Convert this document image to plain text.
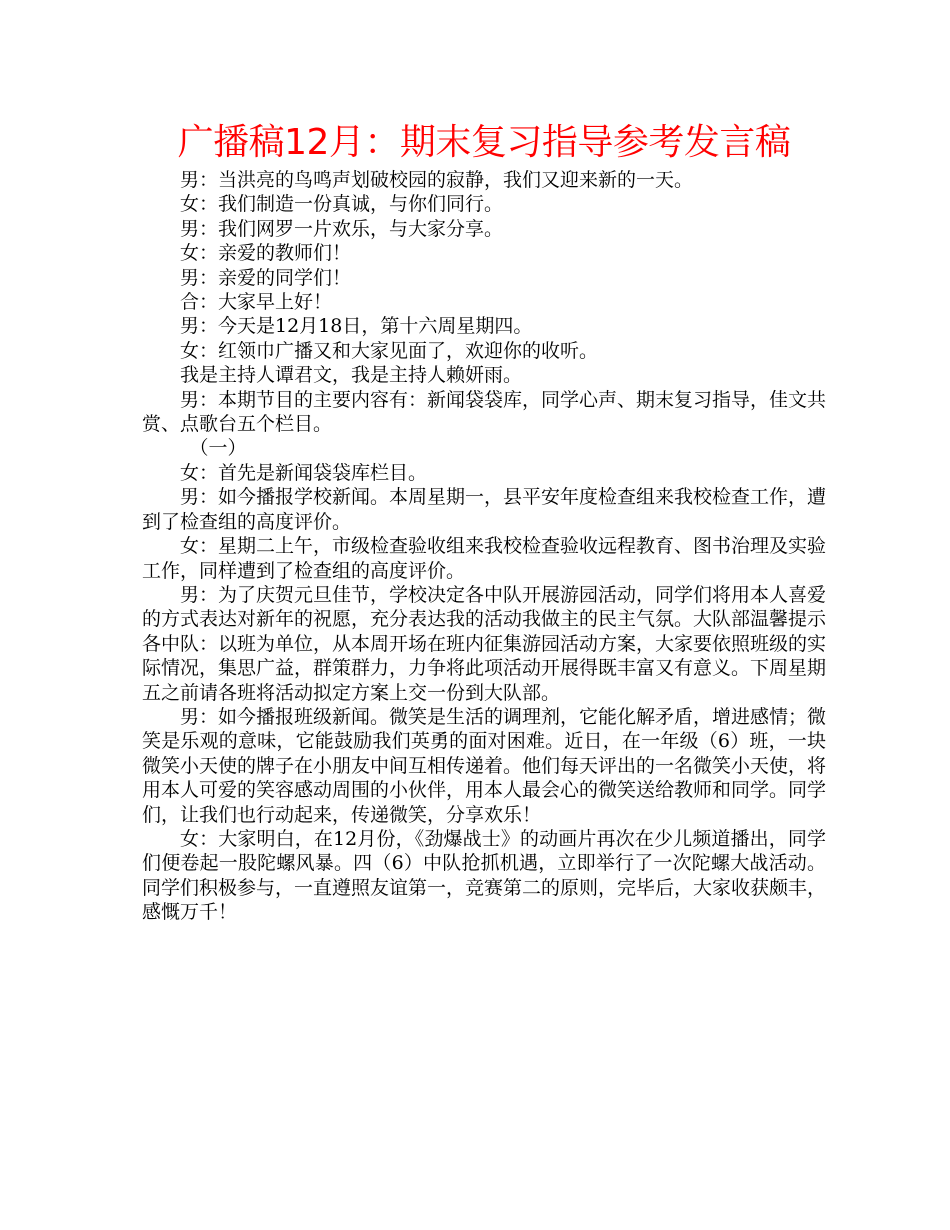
广播稿12月：期末复习指导参考发言稿

男：当洪亮的鸟鸣声划破校园的寂静，我们又迎来新的一天。

女：我们制造一份真诚，与你们同行。

男：我们网罗一片欢乐，与大家分享。

女：亲爱的教师们！

男：亲爱的同学们！

合：大家早上好！

男：今天是12月18日，第十六周星期四。

女：红领巾广播又和大家见面了，欢迎你的收听。

我是主持人谭君文，我是主持人赖妍雨。

男：本期节目的主要内容有：新闻袋袋库，同学心声、期末复习指导，佳文共赏、点歌台五个栏目。

（一）

女：首先是新闻袋袋库栏目。

男：如今播报学校新闻。本周星期一，县平安年度检查组来我校检查工作，遭到了检查组的高度评价。

女：星期二上午，市级检查验收组来我校检查验收远程教育、图书治理及实验工作，同样遭到了检查组的高度评价。

男：为了庆贺元旦佳节，学校决定各中队开展游园活动，同学们将用本人喜爱的方式表达对新年的祝愿，充分表达我的活动我做主的民主气氛。大队部温馨提示各中队：以班为单位，从本周开场在班内征集游园活动方案，大家要依照班级的实际情况，集思广益，群策群力，力争将此项活动开展得既丰富又有意义。下周星期五之前请各班将活动拟定方案上交一份到大队部。

男：如今播报班级新闻。微笑是生活的调理剂，它能化解矛盾，增进感情；微笑是乐观的意味，它能鼓励我们英勇的面对困难。近日，在一年级（6）班，一块微笑小天使的牌子在小朋友中间互相传递着。他们每天评出的一名微笑小天使，将用本人可爱的笑容感动周围的小伙伴，用本人最会心的微笑送给教师和同学。同学们，让我们也行动起来，传递微笑，分享欢乐！

女：大家明白，在12月份，《劲爆战士》的动画片再次在少儿频道播出，同学们便卷起一股陀螺风暴。四（6）中队抢抓机遇，立即举行了一次陀螺大战活动。同学们积极参与，一直遵照友谊第一，竞赛第二的原则，完毕后，大家收获颇丰，感慨万千！
